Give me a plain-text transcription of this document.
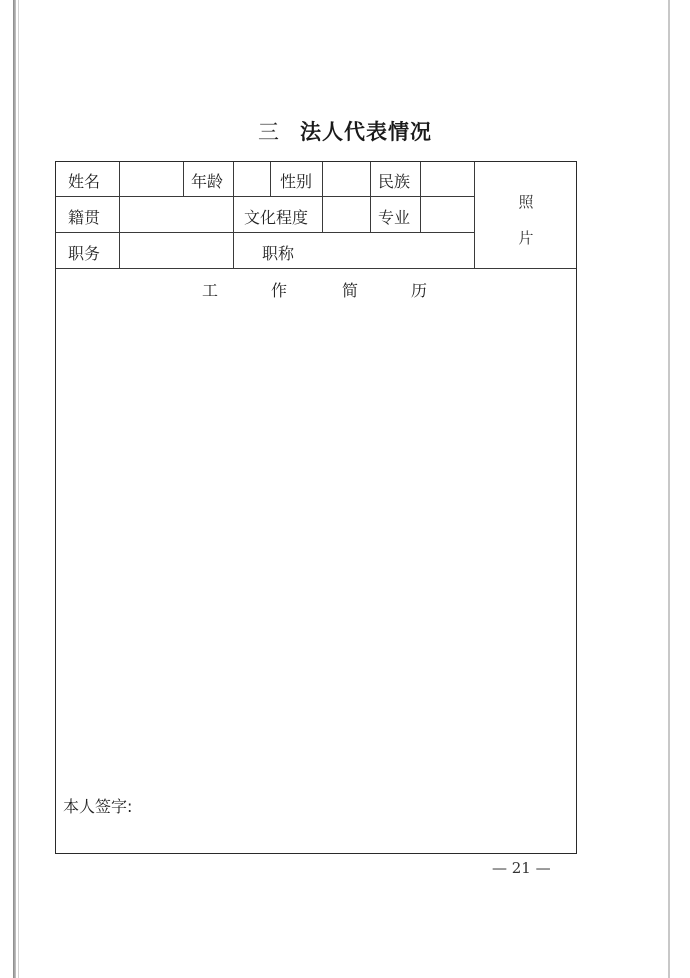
三 法人代表情况
姓名	年龄	性别	民族
籍贯	文化程度	专业
职务	职称
照
片
工	作	简	历
本人签字:
— 21 —
